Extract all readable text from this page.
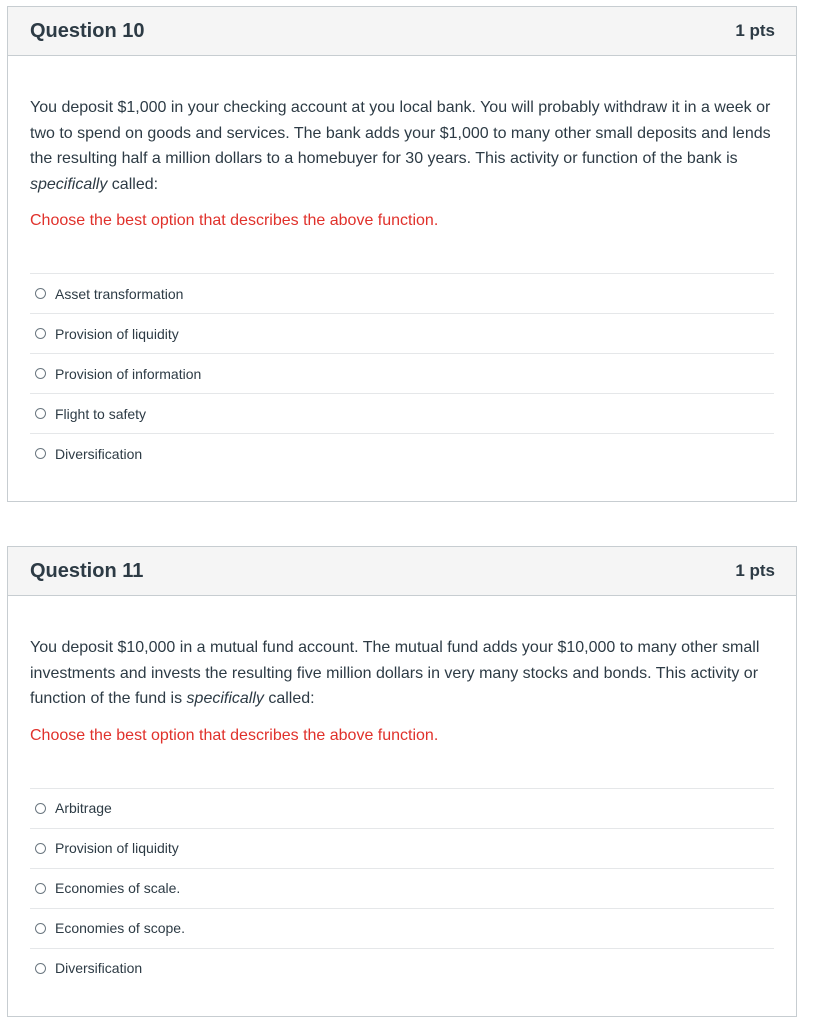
Question 10	1 pts

You deposit $1,000 in your checking account at you local bank. You will probably withdraw it in a week or two to spend on goods and services. The bank adds your $1,000 to many other small deposits and lends the resulting half a million dollars to a homebuyer for 30 years. This activity or function of the bank is specifically called:

Choose the best option that describes the above function.

Asset transformation
Provision of liquidity
Provision of information
Flight to safety
Diversification
Question 11	1 pts

You deposit $10,000 in a mutual fund account. The mutual fund adds your $10,000 to many other small investments and invests the resulting five million dollars in very many stocks and bonds. This activity or function of the fund is specifically called:

Choose the best option that describes the above function.

Arbitrage
Provision of liquidity
Economies of scale.
Economies of scope.
Diversification
